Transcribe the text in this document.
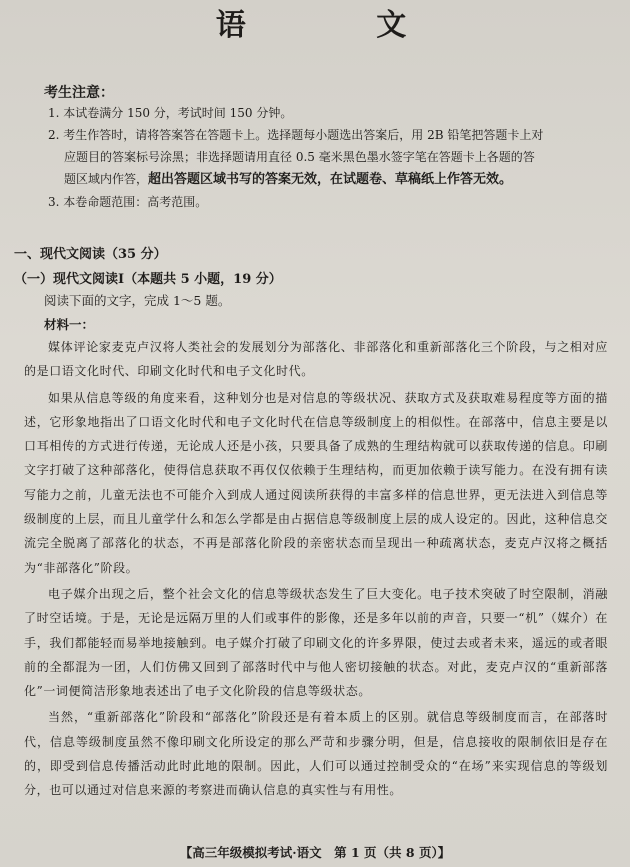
语 文
考生注意：
1. 本试卷满分 150 分，考试时间 150 分钟。
2. 考生作答时，请将答案答在答题卡上。选择题每小题选出答案后，用 2B 铅笔把答题卡上对
应题目的答案标号涂黑；非选择题请用直径 0.5 毫米黑色墨水签字笔在答题卡上各题的答
题区域内作答，超出答题区域书写的答案无效，在试题卷、草稿纸上作答无效。
3. 本卷命题范围：高考范围。
一、现代文阅读（35 分）
（一）现代文阅读Ⅰ（本题共 5 小题，19 分）
阅读下面的文字，完成 1～5 题。
材料一：

媒体评论家麦克卢汉将人类社会的发展划分为部落化、非部落化和重新部落化三个阶段，与之相对应的是口语文化时代、印刷文化时代和电子文化时代。

如果从信息等级的角度来看，这种划分也是对信息的等级状况、获取方式及获取难易程度等方面的描述，它形象地指出了口语文化时代和电子文化时代在信息等级制度上的相似性。在部落中，信息主要是以口耳相传的方式进行传递，无论成人还是小孩，只要具备了成熟的生理结构就可以获取传递的信息。印刷文字打破了这种部落化，使得信息获取不再仅仅依赖于生理结构，而更加依赖于读写能力。在没有拥有读写能力之前，儿童无法也不可能介入到成人通过阅读所获得的丰富多样的信息世界，更无法进入到信息等级制度的上层，而且儿童学什么和怎么学都是由占据信息等级制度上层的成人设定的。因此，这种信息交流完全脱离了部落化的状态，不再是部落化阶段的亲密状态而呈现出一种疏离状态，麦克卢汉将之概括为“非部落化”阶段。

电子媒介出现之后，整个社会文化的信息等级状态发生了巨大变化。电子技术突破了时空限制，消融了时空话境。于是，无论是远隔万里的人们或事件的影像，还是多年以前的声音，只要一“机”（媒介）在手，我们都能轻而易举地接触到。电子媒介打破了印刷文化的许多界限，使过去或者未来，遥远的或者眼前的全都混为一团，人们仿佛又回到了部落时代中与他人密切接触的状态。对此，麦克卢汉的“重新部落化”一词便简洁形象地表述出了电子文化阶段的信息等级状态。

当然，“重新部落化”阶段和“部落化”阶段还是有着本质上的区别。就信息等级制度而言，在部落时代，信息等级制度虽然不像印刷文化所设定的那么严苛和步骤分明，但是，信息接收的限制依旧是存在的，即受到信息传播活动此时此地的限制。因此，人们可以通过控制受众的“在场”来实现信息的等级划分，也可以通过对信息来源的考察进而确认信息的真实性与有用性。

【高三年级模拟考试·语文　第 1 页（共 8 页）】
